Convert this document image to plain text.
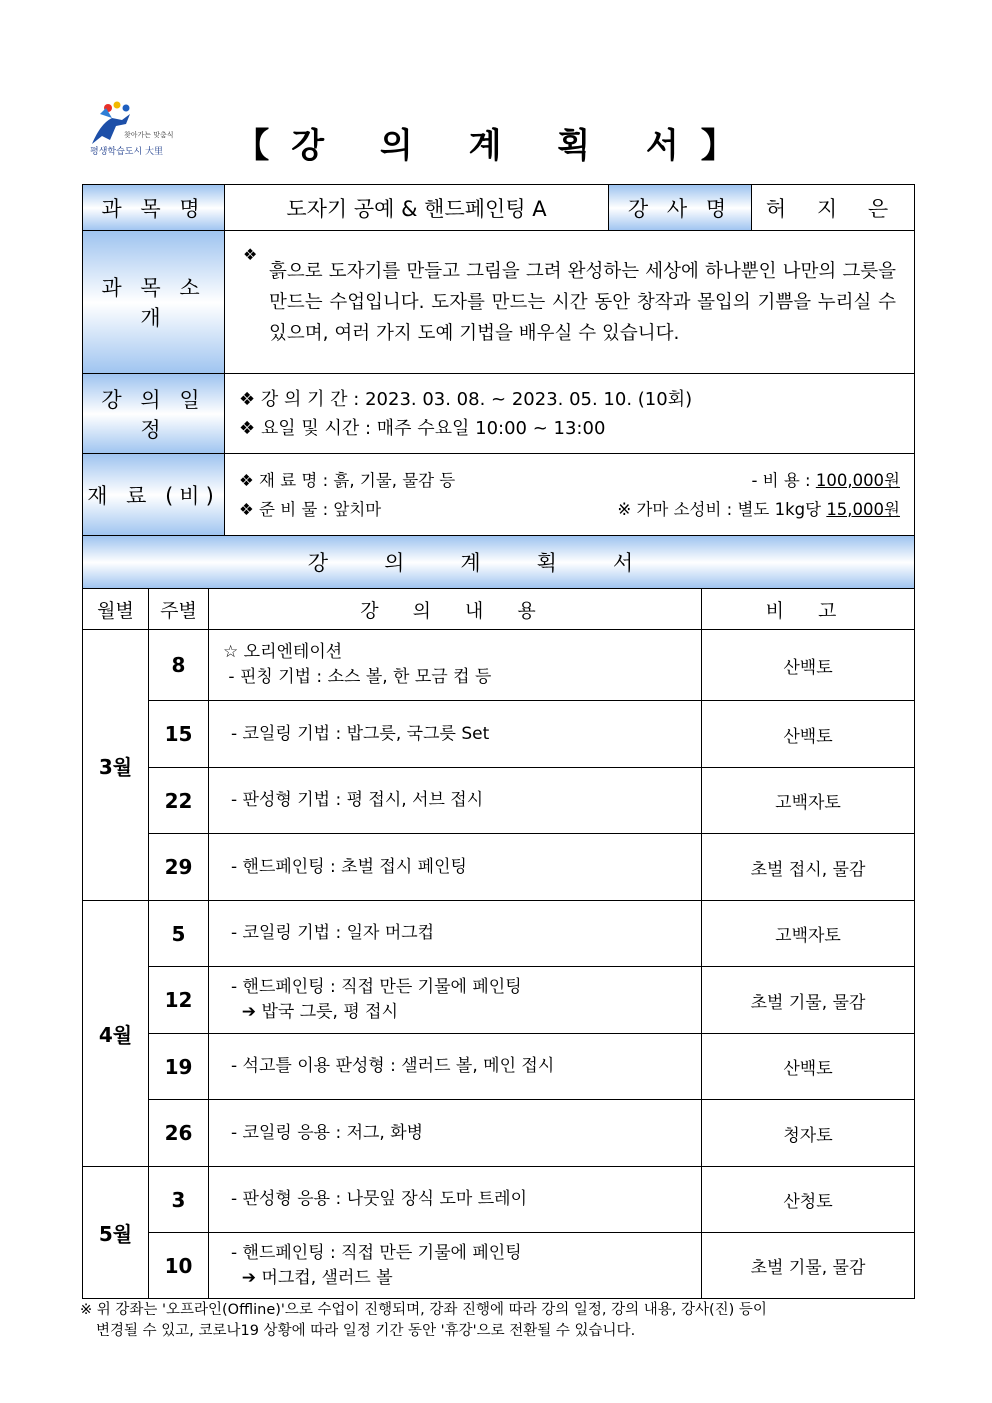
찾아가는 맞춤식
평생학습도시 大里	【강 의 계 획 서】
과 목 명	도자기 공예 & 핸드페인팅 A	강 사 명	허 지 은
과 목 소 개	❖
흙으로 도자기를 만들고 그림을 그려 완성하는 세상에 하나뿐인 나만의 그릇을 만드는 수업입니다. 도자를 만드는 시간 동안 창작과 몰입의 기쁨을 누리실 수 있으며, 여러 가지 도예 기법을 배우실 수 있습니다.		
강 의 일 정	❖ 강 의 기 간 : 2023. 03. 08. ~ 2023. 05. 10. (10회)
❖ 요일 및 시간 : 매주 수요일 10:00 ~ 13:00		

재 료 (비)	❖ 재 료 명 : 흙, 기물, 물감 등 - 비 용 : 100,000원
❖ 준 비 물 : 앞치마 ※ 가마 소성비 : 별도 1kg당 15,000원		
강의계획서			
월별	주별	강 의 내 용	비 고
3월	8	☆ 오리엔테이션
- 핀칭 기법 : 소스 볼, 한 모금 컵 등	산백토
	15	- 코일링 기법 : 밥그릇, 국그릇 Set	산백토
	22	- 판성형 기법 : 평 접시, 서브 접시	고백자토
	29	- 핸드페인팅 : 초벌 접시 페인팅	초벌 접시, 물감
4월	5	- 코일링 기법 : 일자 머그컵	고백자토
	12	- 핸드페인팅 : 직접 만든 기물에 페인팅
➔ 밥국 그릇, 평 접시	초벌 기물, 물감
	19	- 석고틀 이용 판성형 : 샐러드 볼, 메인 접시	산백토
	26	- 코일링 응용 : 저그, 화병	청자토
5월	3	- 판성형 응용 : 나뭇잎 장식 도마 트레이	산청토
	10	- 핸드페인팅 : 직접 만든 기물에 페인팅
➔ 머그컵, 샐러드 볼	초벌 기물, 물감
※ 위 강좌는 '오프라인(Offline)'으로 수업이 진행되며, 강좌 진행에 따라 강의 일정, 강의 내용, 강사(진) 등이
변경될 수 있고, 코로나19 상황에 따라 일정 기간 동안 '휴강'으로 전환될 수 있습니다.
